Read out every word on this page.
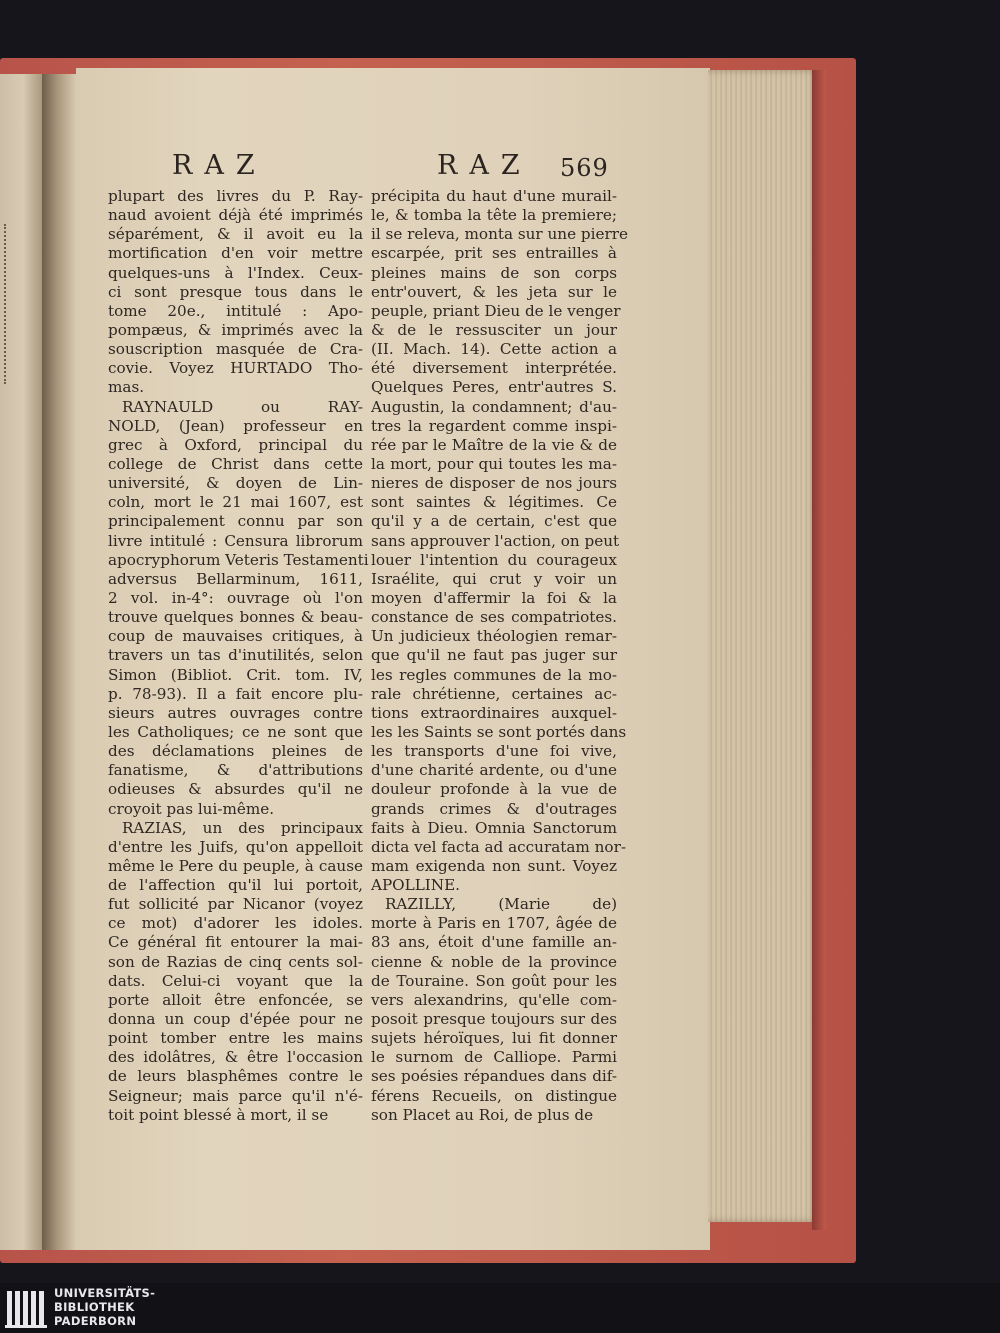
RAZ	RAZ 569
plupart des livres du P. Ray-
naud avoient déjà été imprimés
séparément, & il avoit eu la
mortification d'en voir mettre
quelques-uns à l'Index. Ceux-
ci sont presque tous dans le
tome 20e., intitulé : Apo-
pompæus, & imprimés avec la
souscription masquée de Cra-
covie. Voyez HURTADO Tho-
mas.
RAYNAULD ou RAY-
NOLD, (Jean) professeur en
grec à Oxford, principal du
college de Christ dans cette
université, & doyen de Lin-
coln, mort le 21 mai 1607, est
principalement connu par son
livre intitulé : Censura librorum
apocryphorum Veteris Testamenti
adversus Bellarminum, 1611,
2 vol. in-4°: ouvrage où l'on
trouve quelques bonnes & beau-
coup de mauvaises critiques, à
travers un tas d'inutilités, selon
Simon (Bibliot. Crit. tom. IV,
p. 78-93). Il a fait encore plu-
sieurs autres ouvrages contre
les Catholiques; ce ne sont que
des déclamations pleines de
fanatisme, & d'attributions
odieuses & absurdes qu'il ne
croyoit pas lui-même.
RAZIAS, un des principaux
d'entre les Juifs, qu'on appelloit
même le Pere du peuple, à cause
de l'affection qu'il lui portoit,
fut sollicité par Nicanor (voyez
ce mot) d'adorer les idoles.
Ce général fit entourer la mai-
son de Razias de cinq cents sol-
dats. Celui-ci voyant que la
porte alloit être enfoncée, se
donna un coup d'épée pour ne
point tomber entre les mains
des idolâtres, & être l'occasion
de leurs blasphêmes contre le
Seigneur; mais parce qu'il n'é-
toit point blessé à mort, il se
précipita du haut d'une murail-
le, & tomba la tête la premiere;
il se releva, monta sur une pierre
escarpée, prit ses entrailles à
pleines mains de son corps
entr'ouvert, & les jeta sur le
peuple, priant Dieu de le venger
& de le ressusciter un jour
(II. Mach. 14). Cette action a
été diversement interprétée.
Quelques Peres, entr'autres S.
Augustin, la condamnent; d'au-
tres la regardent comme inspi-
rée par le Maître de la vie & de
la mort, pour qui toutes les ma-
nieres de disposer de nos jours
sont saintes & légitimes. Ce
qu'il y a de certain, c'est que
sans approuver l'action, on peut
louer l'intention du courageux
Israélite, qui crut y voir un
moyen d'affermir la foi & la
constance de ses compatriotes.
Un judicieux théologien remar-
que qu'il ne faut pas juger sur
les regles communes de la mo-
rale chrétienne, certaines ac-
tions extraordinaires auxquel-
les les Saints se sont portés dans
les transports d'une foi vive,
d'une charité ardente, ou d'une
douleur profonde à la vue de
grands crimes & d'outrages
faits à Dieu. Omnia Sanctorum
dicta vel facta ad accuratam nor-
mam exigenda non sunt. Voyez
APOLLINE.
RAZILLY, (Marie de)
morte à Paris en 1707, âgée de
83 ans, étoit d'une famille an-
cienne & noble de la province
de Touraine. Son goût pour les
vers alexandrins, qu'elle com-
posoit presque toujours sur des
sujets héroïques, lui fit donner
le surnom de Calliope. Parmi
ses poésies répandues dans dif-
férens Recueils, on distingue
son Placet au Roi, de plus de
UNIVERSITÄTS-
BIBLIOTHEK
PADERBORN
